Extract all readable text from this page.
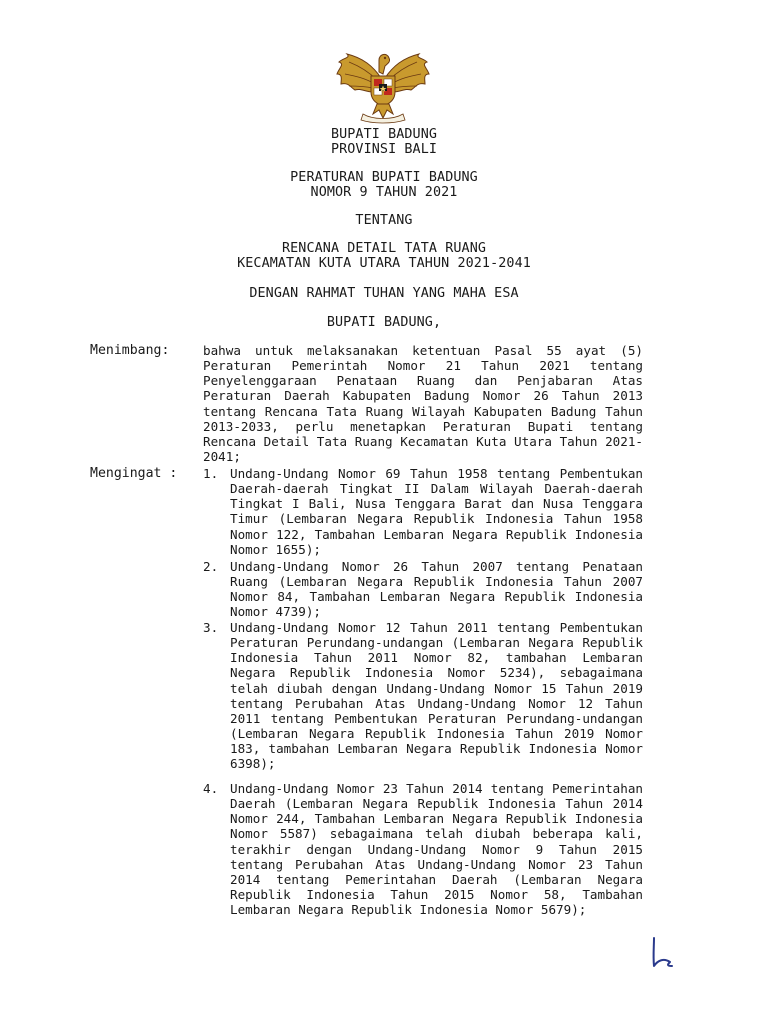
BUPATI BADUNG
PROVINSI BALI
PERATURAN BUPATI BADUNG
NOMOR 9 TAHUN 2021
TENTANG
RENCANA DETAIL TATA RUANG
KECAMATAN KUTA UTARA TAHUN 2021-2041
DENGAN RAHMAT TUHAN YANG MAHA ESA
BUPATI BADUNG,
Menimbang:	bahwa untuk melaksanakan ketentuan Pasal 55 ayat (5) Peraturan Pemerintah Nomor 21 Tahun 2021 tentang Penyelenggaraan Penataan Ruang dan Penjabaran Atas Peraturan Daerah Kabupaten Badung Nomor 26 Tahun 2013 tentang Rencana Tata Ruang Wilayah Kabupaten Badung Tahun 2013-2033, perlu menetapkan Peraturan Bupati tentang Rencana Detail Tata Ruang Kecamatan Kuta Utara Tahun 2021-2041;
Mengingat : 1. Undang-Undang Nomor 69 Tahun 1958 tentang Pembentukan Daerah-daerah Tingkat II Dalam Wilayah Daerah-daerah Tingkat I Bali, Nusa Tenggara Barat dan Nusa Tenggara Timur (Lembaran Negara Republik Indonesia Tahun 1958 Nomor 122, Tambahan Lembaran Negara Republik Indonesia Nomor 1655);
2. Undang-Undang Nomor 26 Tahun 2007 tentang Penataan Ruang (Lembaran Negara Republik Indonesia Tahun 2007 Nomor 84, Tambahan Lembaran Negara Republik Indonesia Nomor 4739);
3. Undang-Undang Nomor 12 Tahun 2011 tentang Pembentukan Peraturan Perundang-undangan (Lembaran Negara Republik Indonesia Tahun 2011 Nomor 82, tambahan Lembaran Negara Republik Indonesia Nomor 5234), sebagaimana telah diubah dengan Undang-Undang Nomor 15 Tahun 2019 tentang Perubahan Atas Undang-Undang Nomor 12 Tahun 2011 tentang Pembentukan Peraturan Perundang-undangan (Lembaran Negara Republik Indonesia Tahun 2019 Nomor 183, tambahan Lembaran Negara Republik Indonesia Nomor 6398);
4. Undang-Undang Nomor 23 Tahun 2014 tentang Pemerintahan Daerah (Lembaran Negara Republik Indonesia Tahun 2014 Nomor 244, Tambahan Lembaran Negara Republik Indonesia Nomor 5587) sebagaimana telah diubah beberapa kali, terakhir dengan Undang-Undang Nomor 9 Tahun 2015 tentang Perubahan Atas Undang-Undang Nomor 23 Tahun 2014 tentang Pemerintahan Daerah (Lembaran Negara Republik Indonesia Tahun 2015 Nomor 58, Tambahan Lembaran Negara Republik Indonesia Nomor 5679);
